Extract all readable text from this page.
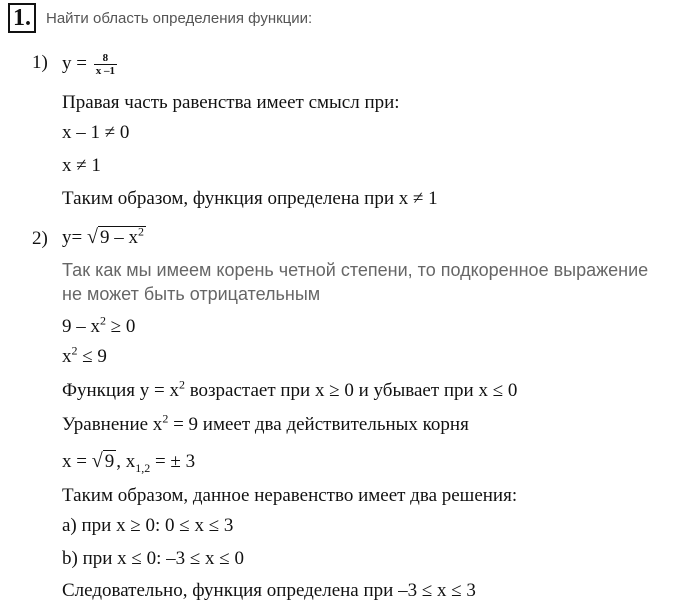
1.	Найти область определения функции:
1) $y = \frac{8}{x -1}$
Правая часть равенства имеет смысл при:
x – 1 ≠ 0
x ≠ 1
Таким образом, функция определена при x ≠ 1
2) y= √ $9 - x^2$
Так как мы имеем корень четной степени, то подкоренное выражение
не может быть отрицательным
$9 - x^2 \ge 0$
$x^2 \le 9$
Функция $y = x^2$ возрастает при x ≥ 0 и убывает при x ≤ 0
Уравнение $x^2 = 9$ имеет два действительных корня
x = √ 9 , $x_{1,2}$ = ± 3
Таким образом, данное неравенство имеет два решения:
a) при x ≥ 0: 0 ≤ x ≤ 3
b) при x ≤ 0: –3 ≤ x ≤ 0
Следовательно, функция определена при –3 ≤ x ≤ 3
